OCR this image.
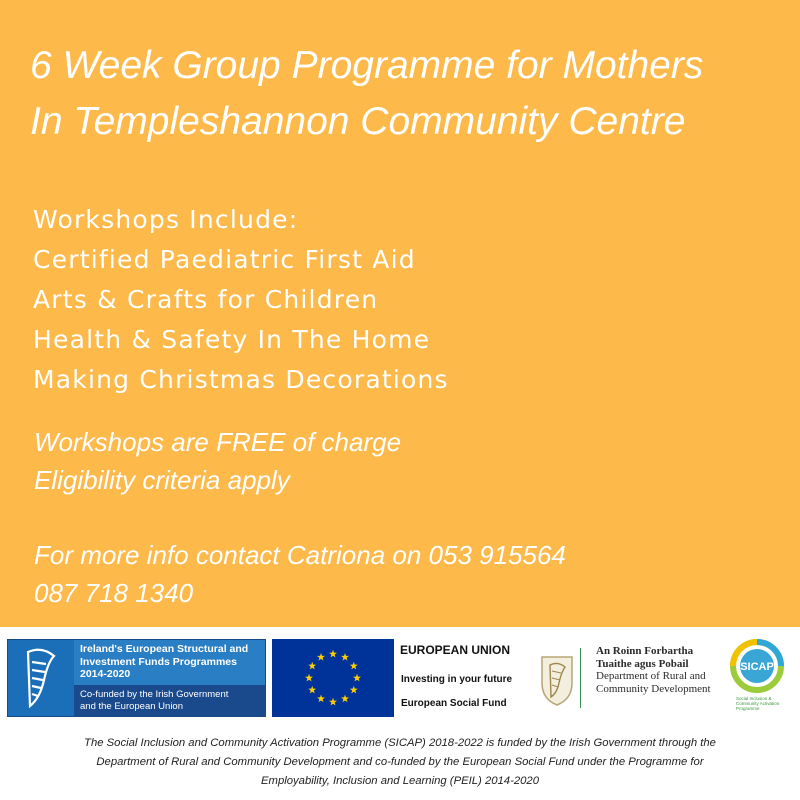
6 Week Group Programme for Mothers
In Templeshannon Community Centre
Workshops Include:
Certified Paediatric First Aid
Arts & Crafts for Children
Health & Safety In The Home
Making Christmas Decorations
Workshops are FREE of charge
Eligibility criteria apply
For more info contact Catriona on 053 915564
087 718 1340
Ireland's European Structural and
Investment Funds Programmes
2014-2020
Co-funded by the Irish Government
and the European Union
EUROPEAN UNION
Investing in your future
European Social Fund
An Roinn Forbartha
Tuaithe agus Pobail
Department of Rural and
Community Development
SICAP
Social Inclusion & Community Activation Programme
The Social Inclusion and Community Activation Programme (SICAP) 2018-2022 is funded by the Irish Government through the
Department of Rural and Community Development and co-funded by the European Social Fund under the Programme for
Employability, Inclusion and Learning (PEIL) 2014-2020
